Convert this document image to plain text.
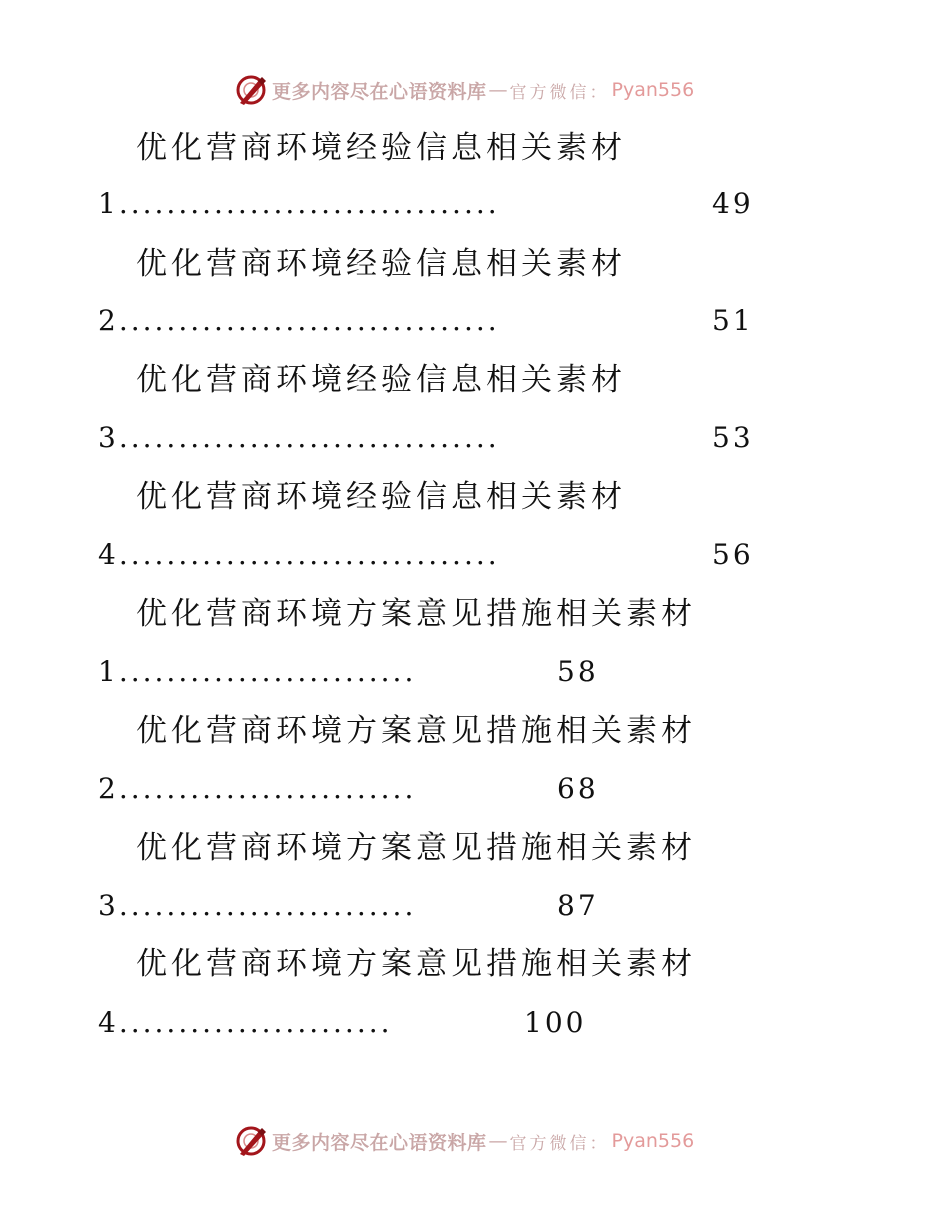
更多内容尽在心语资料库 — 官方微信： Pyan556
优化营商环境经验信息相关素材
1................................	49
优化营商环境经验信息相关素材
2................................	51
优化营商环境经验信息相关素材
3................................	53
优化营商环境经验信息相关素材
4................................	56
优化营商环境方案意见措施相关素材
1.........................	58
优化营商环境方案意见措施相关素材
2.........................	68
优化营商环境方案意见措施相关素材
3.........................	87
优化营商环境方案意见措施相关素材
4.......................	100
更多内容尽在心语资料库 — 官方微信： Pyan556
